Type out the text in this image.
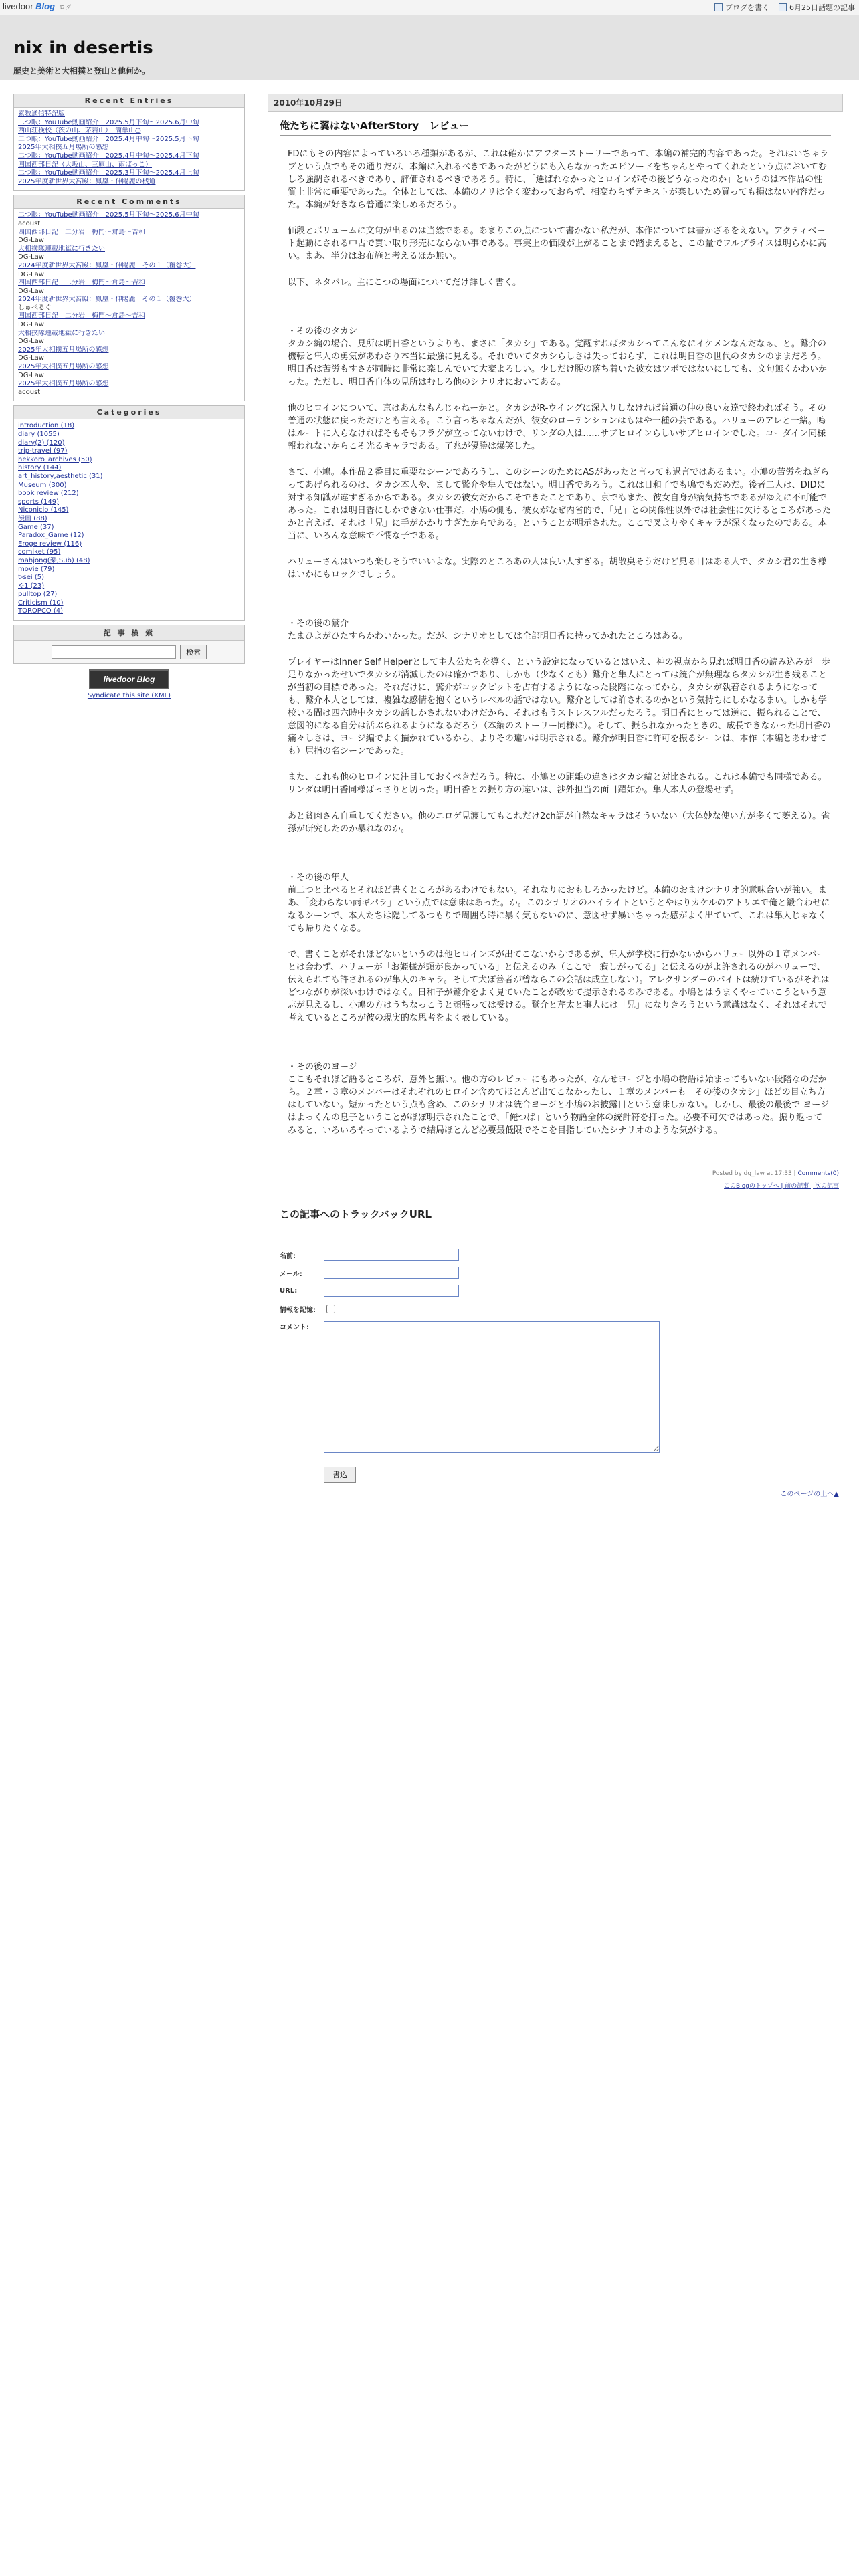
livedoor Blog ログ	ブログを書く	6月25日話題の記事
nix in desertis
歴史と美術と大相撲と登山と他何か。
Recent Entries
素数通信特記版
二つ眼：YouTube動画紹介　2025.5月下旬〜2025.6月中旬
西山荘検校（茨の山、茅岩山）　簡単山○
二つ眼：YouTube動画紹介　2025.4月中旬〜2025.5月下旬
2025年大相撲五月場所の感想
二つ眼：YouTube動画紹介　2025.4月中旬〜2025.4月下旬
四国西部日記（大坂山、三原山、雨ばっこ）
二つ眼：YouTube動画紹介　2025.3月下旬〜2025.4月上旬
2025年度新世界大宮殿：鳳凰・伸陽鹿の桟道
Recent Comments
二つ眼：YouTube動画紹介　2025.5月下旬〜2025.6月中旬
acoust
四国西部日記　二分岩　梅門〜倉島〜吉和
DG-Law
大相撲隊連載地獄に行きたい
DG-Law
2024年度新世界大宮殿：鳳凰・伸陽鹿　その１（覆巻大）
DG-Law
四国西部日記　二分岩　梅門〜倉島〜吉和
DG-Law
2024年度新世界大宮殿：鳳凰・伸陽鹿　その１（覆巻大）
しゅぺるぐ
四国西部日記　二分岩　梅門〜倉島〜吉和
DG-Law
大相撲隊連載地獄に行きたい
DG-Law
2025年大相撲五月場所の感想
DG-Law
2025年大相撲五月場所の感想
DG-Law
2025年大相撲五月場所の感想
acoust
Categories
introduction (18)
diary (1055)
diary(2) (120)
trip-travel (97)
hekkoro_archives (50)
history (144)
art_history,aesthetic (31)
Museum (300)
book review (212)
sports (149)
Niconiclo (145)
漫画 (88)
Game (37)
Paradox_Game (12)
Erogе review (116)
comiket (95)
mahjong(楽,Sub) (48)
movie (79)
t-sei (5)
K-1 (23)
pulltop (27)
Criticism (10)
TOROPCO (4)
記 事 検 索
検索
livedoor Blog
Syndicate this site (XML)
2010年10月29日
俺たちに翼はないAfterStory　レビュー

FDにもその内容によっていろいろ種類があるが、これは確かにアフターストーリーであって、本編の補完的内容であった。それはいちゃラブという点でもその通りだが、本編に入れるべきであったがどうにも入らなかったエピソードをちゃんとやってくれたという点においてむしろ強調されるべきであり、評価されるべきであろう。特に、「選ばれなかったヒロインがその後どうなったのか」というのは本作品の性質上非常に重要であった。全体としては、本編のノリは全く変わっておらず、相変わらずテキストが楽しいため買っても損はない内容だった。本編が好きなら普通に楽しめるだろう。

価段とボリュームに文句が出るのは当然である。あまりこの点について書かない私だが、本作については書かざるをえない。アクティベート起動にされる中古で買い取り形売にならない事である。事実上の価段が上がることまで踏まえると、この量でフルプライスは明らかに高い。まあ、半分はお布施と考えるほか無い。

以下、ネタバレ。主にこつの場面についてだけ詳しく書く。

・その後のタカシ
タカシ編の場合、見所は明日香というよりも、まさに「タカシ」である。覚醒すればタカシってこんなにイケメンなんだなぁ、と。鷲介の機転と隼人の勇気があわさり本当に最強に見える。それでいてタカシらしさは失っておらず、これは明日香の世代のタカシのままだろう。明日香は苦労もすさが同時に非常に楽しんでいて大変よろしい。少しだけ腰の落ち着いた彼女はツボではないにしても、文句無くかわいかった。ただし、明日香自体の見所はむしろ他のシナリオにおいてある。

他のヒロインについて、京はあんなもんじゃねーかと。タカシがR-ウイングに深入りしなければ普通の仲の良い友達で終わればそう。その普通の状態に戻っただけとも言える。こう言っちゃなんだが、彼女のローテンションはもはや一種の芸である。ハリューのアレと一緒。鳴はルートに入らなければそもそもフラグが立ってないわけで、リンダの人は……サブヒロインらしいサブヒロインでした。コーダイン同様報われないからこそ光るキャラである。了兆が優勝は爆笑した。

さて、小鳩。本作品２番目に重要なシーンであろうし、このシーンのためにASがあったと言っても過言ではあるまい。小鳩の苦労をねぎらってあげられるのは、タカシ本人や、まして鷲介や隼人ではない。明日香であろう。これは日和子でも鳴でもだめだ。後者二人は、DIDに対する知識が違すぎるからである。タカシの彼女だからこそできたことであり、京でもまた、彼女自身が病気持ちであるがゆえに不可能であった。これは明日香にしかできない仕事だ。小鳩の側も、彼女がなぜ内省的で、「兄」との関係性以外では社会性に欠けるところがあったかと言えば、それは「兄」に手がかかりすぎたからである。ということが明示された。ここで叉よりやくキャラが深くなったのである。本当に、いろんな意味で不憫な子である。

ハリューさんはいつも楽しそうでいいよな。実際のところあの人は良い人すぎる。胡散臭そうだけど見る目はある人で、タカシ君の生き様はいかにもロックでしょう。

・その後の鷲介
たまひよがひたすらかわいかった。だが、シナリオとしては全部明日香に持ってかれたところはある。

プレイヤーはInner Self Helperとして主人公たちを導く、という設定になっているとはいえ、神の視点から見れば明日香の読み込みが一歩足りなかったせいでタカシが消滅したのは確かであり、しかも（少なくとも）鷲介と隼人にとっては統合が無理ならタカシが生き残ることが当初の目標であった。それだけに、鷲介がコックピットを占有するようになった段階になってから、タカシが執着されるようになっても、鷲介本人としては、複雑な感情を抱くというレベルの話ではない。鷲介としては許されるのかという気持ちにしかなるまい。しかも学校いる間は四六時中タカシの話しかされないわけだから、それはもうストレスフルだったろう。明日香にとっては逆に、振られることで、意図的になる自分は活ぶられるようになるだろう（本編のストーリー同様に）。そして、振られなかったときの、成長できなかった明日香の痛々しさは、ヨージ編でよく描かれているから、よりその違いは明示される。鷲介が明日香に許可を振るシーンは、本作（本編とあわせても）屈指の名シーンであった。

また、これも他のヒロインに注目しておくべきだろう。特に、小鳩との距離の違さはタカシ編と対比される。これは本編でも同様である。リンダは明日香同様ばっさりと切った。明日香との振り方の違いは、渉外担当の面目躍如か。隼人本人の登場せず。

あと貧肉さん自重してください。他のエロゲ見渡してもこれだけ2ch語が自然なキャラはそういない（大体妙な使い方が多くて萎える）。雀孫が研究したのか暴れなのか。

・その後の隼人
前二つと比べるとそれほど書くところがあるわけでもない。それなりにおもしろかったけど。本編のおまけシナリオ的意味合いが強い。まあ、「変わらない雨ギパラ」という点では意味はあった。か。このシナリオのハイライトというとやはりカケルのアトリエで俺と鍛合わせになるシーンで、本人たちは隠してるつもりで周囲も時に暴く気もないのに、意図せず暴いちゃった感がよく出ていて、これは隼人じゃなくても帰りたくなる。

で、書くことがそれほどないというのは他ヒロインズが出てこないからであるが、隼人が学校に行かないからハリュー以外の１章メンバーとは会わず、ハリューが「お姫様が頭が良かっている」と伝えるのみ（ここで「寂しがってる」と伝えるのがよ許されるのがハリューで、伝えられても許されるのが隼人のキャラ。そして犬ぽ善者が曾ならこの会話は成立しない）。アレクサンダーのバイトは続けているがそれはどつながりが深いわけではなく。日和子が鷲介をよく見ていたことが改めて提示されるのみである。小鳩とはうまくやっていこうという意志が見えるし、小鳩の方はうちなっこうと頑張っては受ける。鷲介と芹太と事人には「兄」になりきろうという意識はなく、それはそれで考えているところが彼の現実的な思考をよく表している。

・その後のヨージ
ここもそれほど語るところが、意外と無い。他の方のレビューにもあったが、なんせヨージと小鳩の物語は始まってもいない段階なのだから。２章・３章のメンバーはそれぞれのヒロイン含めてほとんど出てこなかったし、１章のメンバーも「その後のタカシ」ほどの目立ち方はしていない。短かったという点も含め、このシナリオは統合ヨージと小鳩のお披露目という意味しかない。しかし、最後の最後で ヨージはよっくんの息子ということがほぼ明示されたことで、「俺つば」という物語全体の統計符を打った。必要不可欠ではあった。振り返ってみると、いろいろやっているようで結局ほとんど必要最低限でそこを目指していたシナリオのような気がする。

Posted by dg_law at 17:33 | Comments(0)
このBlogのトップへ | 前の記事 | 次の記事
この記事へのトラックバックURL
名前:
メール:
URL:
情報を記憶:
コメント:
書込
このページの上へ▲
